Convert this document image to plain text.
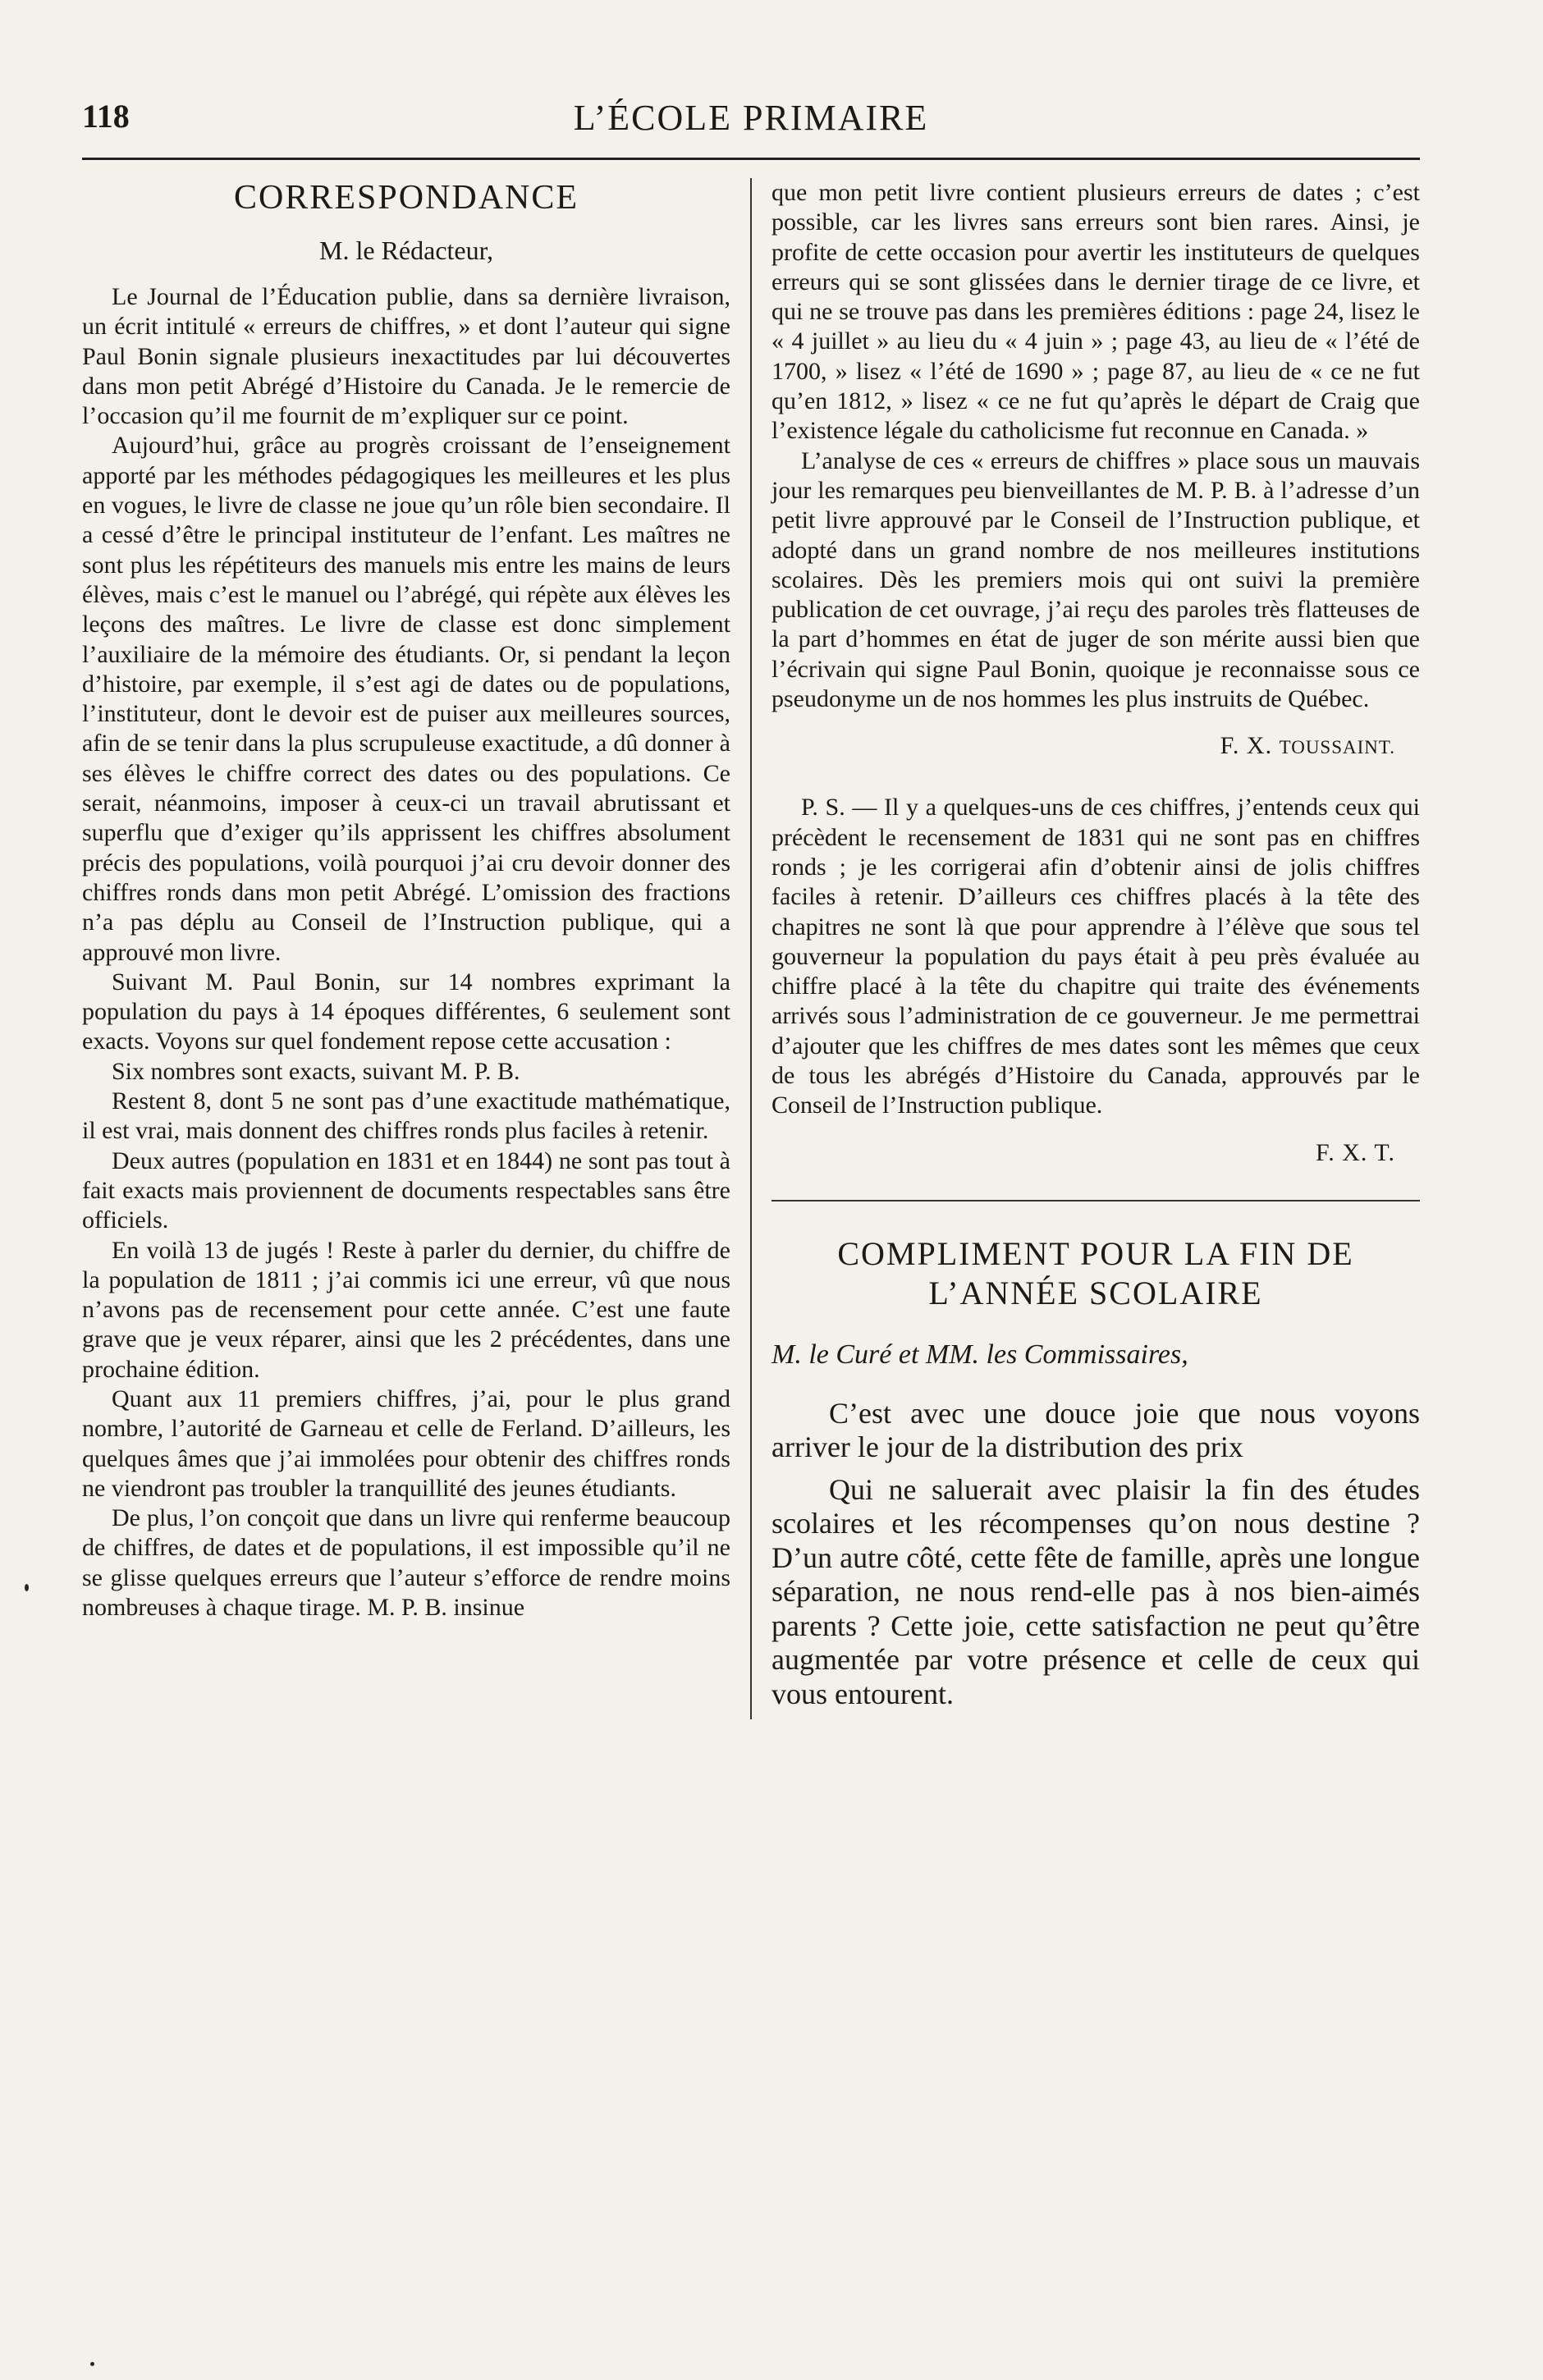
118	L’ÉCOLE PRIMAIRE
CORRESPONDANCE
M. le Rédacteur,

Le Journal de l’Éducation publie, dans sa dernière livraison, un écrit intitulé « erreurs de chiffres, » et dont l’auteur qui signe Paul Bonin signale plusieurs inexactitudes par lui découvertes dans mon petit Abrégé d’Histoire du Canada. Je le remercie de l’occasion qu’il me fournit de m’expliquer sur ce point.

Aujourd’hui, grâce au progrès croissant de l’enseignement apporté par les méthodes pédagogiques les meilleures et les plus en vogues, le livre de classe ne joue qu’un rôle bien secondaire. Il a cessé d’être le principal instituteur de l’enfant. Les maîtres ne sont plus les répétiteurs des manuels mis entre les mains de leurs élèves, mais c’est le manuel ou l’abrégé, qui répète aux élèves les leçons des maîtres. Le livre de classe est donc simplement l’auxiliaire de la mémoire des étudiants. Or, si pendant la leçon d’histoire, par exemple, il s’est agi de dates ou de populations, l’instituteur, dont le devoir est de puiser aux meilleures sources, afin de se tenir dans la plus scrupuleuse exactitude, a dû donner à ses élèves le chiffre correct des dates ou des populations. Ce serait, néanmoins, imposer à ceux-ci un travail abrutissant et superflu que d’exiger qu’ils apprissent les chiffres absolument précis des populations, voilà pourquoi j’ai cru devoir donner des chiffres ronds dans mon petit Abrégé. L’omission des fractions n’a pas déplu au Conseil de l’Instruction publique, qui a approuvé mon livre.

Suivant M. Paul Bonin, sur 14 nombres exprimant la population du pays à 14 époques différentes, 6 seulement sont exacts. Voyons sur quel fondement repose cette accusation :

Six nombres sont exacts, suivant M. P. B.

Restent 8, dont 5 ne sont pas d’une exactitude mathématique, il est vrai, mais donnent des chiffres ronds plus faciles à retenir.

Deux autres (population en 1831 et en 1844) ne sont pas tout à fait exacts mais proviennent de documents respectables sans être officiels.

En voilà 13 de jugés ! Reste à parler du dernier, du chiffre de la population de 1811 ; j’ai commis ici une erreur, vû que nous n’avons pas de recensement pour cette année. C’est une faute grave que je veux réparer, ainsi que les 2 précédentes, dans une prochaine édition.

Quant aux 11 premiers chiffres, j’ai, pour le plus grand nombre, l’autorité de Garneau et celle de Ferland. D’ailleurs, les quelques âmes que j’ai immolées pour obtenir des chiffres ronds ne viendront pas troubler la tranquillité des jeunes étudiants.

De plus, l’on conçoit que dans un livre qui renferme beaucoup de chiffres, de dates et de populations, il est impossible qu’il ne se glisse quelques erreurs que l’auteur s’efforce de rendre moins nombreuses à chaque tirage. M. P. B. insinue

que mon petit livre contient plusieurs erreurs de dates ; c’est possible, car les livres sans erreurs sont bien rares. Ainsi, je profite de cette occasion pour avertir les instituteurs de quelques erreurs qui se sont glissées dans le dernier tirage de ce livre, et qui ne se trouve pas dans les premières éditions : page 24, lisez le « 4 juillet » au lieu du « 4 juin » ; page 43, au lieu de « l’été de 1700, » lisez « l’été de 1690 » ; page 87, au lieu de « ce ne fut qu’en 1812, » lisez « ce ne fut qu’après le départ de Craig que l’existence légale du catholicisme fut reconnue en Canada. »

L’analyse de ces « erreurs de chiffres » place sous un mauvais jour les remarques peu bienveillantes de M. P. B. à l’adresse d’un petit livre approuvé par le Conseil de l’Instruction publique, et adopté dans un grand nombre de nos meilleures institutions scolaires. Dès les premiers mois qui ont suivi la première publication de cet ouvrage, j’ai reçu des paroles très flatteuses de la part d’hommes en état de juger de son mérite aussi bien que l’écrivain qui signe Paul Bonin, quoique je reconnaisse sous ce pseudonyme un de nos hommes les plus instruits de Québec.

F. X. TOUSSAINT.

P. S. — Il y a quelques-uns de ces chiffres, j’entends ceux qui précèdent le recensement de 1831 qui ne sont pas en chiffres ronds ; je les corrigerai afin d’obtenir ainsi de jolis chiffres faciles à retenir. D’ailleurs ces chiffres placés à la tête des chapitres ne sont là que pour apprendre à l’élève que sous tel gouverneur la population du pays était à peu près évaluée au chiffre placé à la tête du chapitre qui traite des événements arrivés sous l’administration de ce gouverneur. Je me permettrai d’ajouter que les chiffres de mes dates sont les mêmes que ceux de tous les abrégés d’Histoire du Canada, approuvés par le Conseil de l’Instruction publique.

F. X. T.
COMPLIMENT POUR LA FIN DE
L’ANNÉE SCOLAIRE
M. le Curé et MM. les Commissaires,

C’est avec une douce joie que nous voyons arriver le jour de la distribution des prix

Qui ne saluerait avec plaisir la fin des études scolaires et les récompenses qu’on nous destine ? D’un autre côté, cette fête de famille, après une longue séparation, ne nous rend-elle pas à nos bien-aimés parents ? Cette joie, cette satisfaction ne peut qu’être augmentée par votre présence et celle de ceux qui vous entourent.
